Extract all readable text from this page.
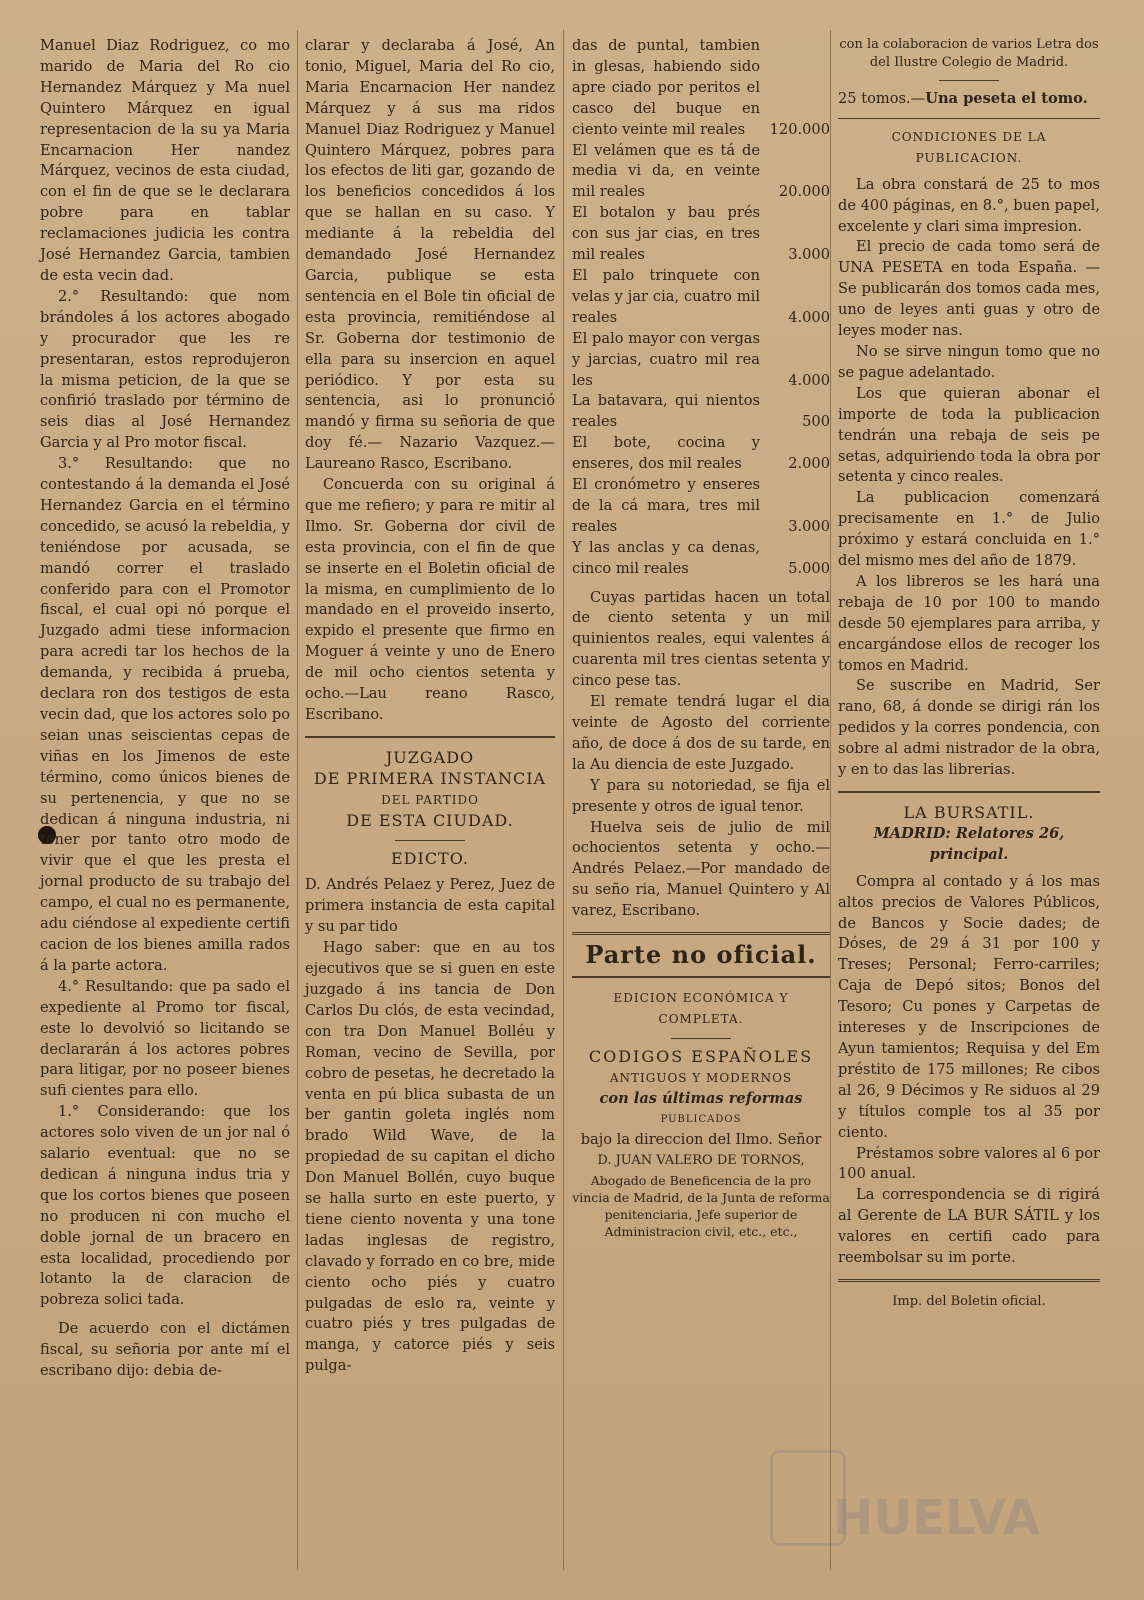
Manuel Diaz Rodriguez, co mo marido de Maria del Ro cio Hernandez Márquez y Ma nuel Quintero Márquez en igual representacion de la su ya Maria Encarnacion Her nandez Márquez, vecinos de esta ciudad, con el fin de que se le declarara pobre para en tablar reclamaciones judicia les contra José Hernandez Garcia, tambien de esta vecin dad.

2.° Resultando: que nom brándoles á los actores abogado y procurador que les re presentaran, estos reprodujeron la misma peticion, de la que se confirió traslado por término de seis dias al José Hernandez Garcia y al Pro motor fiscal.

3.° Resultando: que no contestando á la demanda el José Hernandez Garcia en el término concedido, se acusó la rebeldia, y teniéndose por acusada, se mandó correr el traslado conferido para con el Promotor fiscal, el cual opi nó porque el Juzgado admi tiese informacion para acredi tar los hechos de la demanda, y recibida á prueba, declara ron dos testigos de esta vecin dad, que los actores solo po seian unas seiscientas cepas de viñas en los Jimenos de este término, como únicos bienes de su pertenencia, y que no se dedican á ninguna industria, ni tener por tanto otro modo de vivir que el que les presta el jornal producto de su trabajo del campo, el cual no es permanente, adu ciéndose al expediente certifi cacion de los bienes amilla rados á la parte actora.

4.° Resultando: que pa sado el expediente al Promo tor fiscal, este lo devolvió so licitando se declararán á los actores pobres para litigar, por no poseer bienes sufi cientes para ello.

1.° Considerando: que los actores solo viven de un jor nal ó salario eventual: que no se dedican á ninguna indus tria y que los cortos bienes que poseen no producen ni con mucho el doble jornal de un bracero en esta localidad, procediendo por lotanto la de claracion de pobreza solici tada.

De acuerdo con el dictámen fiscal, su señoria por ante mí el escribano dijo: debia de-

clarar y declaraba á José, An tonio, Miguel, Maria del Ro cio, Maria Encarnacion Her nandez Márquez y á sus ma ridos Manuel Diaz Rodriguez y Manuel Quintero Márquez, pobres para los efectos de liti gar, gozando de los beneficios concedidos á los que se hallan en su caso. Y mediante á la rebeldia del demandado José Hernandez Garcia, publique se esta sentencia en el Bole tin oficial de esta provincia, remitiéndose al Sr. Goberna dor testimonio de ella para su insercion en aquel periódico. Y por esta su sentencia, asi lo pronunció mandó y firma su señoria de que doy fé.— Nazario Vazquez.—Laureano Rasco, Escribano.

Concuerda con su original á que me refiero; y para re mitir al Ilmo. Sr. Goberna dor civil de esta provincia, con el fin de que se inserte en el Boletin oficial de la misma, en cumplimiento de lo mandado en el proveido inserto, expido el presente que firmo en Moguer á veinte y uno de Enero de mil ocho cientos setenta y ocho.—Lau reano Rasco, Escribano.

JUZGADO
DE PRIMERA INSTANCIA
DEL PARTIDO
DE ESTA CIUDAD.
EDICTO.

D. Andrés Pelaez y Perez, Juez de primera instancia de esta capital y su par tido

Hago saber: que en au tos ejecutivos que se si guen en este juzgado á ins tancia de Don Carlos Du clós, de esta vecindad, con tra Don Manuel Bolléu y Roman, vecino de Sevilla, por cobro de pesetas, he decretado la venta en pú blica subasta de un ber gantin goleta inglés nom brado Wild Wave, de la propiedad de su capitan el dicho Don Manuel Bollén, cuyo buque se halla surto en este puerto, y tiene ciento noventa y una tone ladas inglesas de registro, clavado y forrado en co bre, mide ciento ocho piés y cuatro pulgadas de eslo ra, veinte y cuatro piés y tres pulgadas de manga, y catorce piés y seis pulga-

das de puntal, tambien in glesas, habiendo sido apre ciado por peritos el casco del buque en ciento veinte mil reales	120.000
El velámen que es tá de media vi da, en veinte mil reales	20.000
El botalon y bau prés con sus jar cias, en tres mil reales	3.000
El palo trinquete con velas y jar cia, cuatro mil reales	4.000
El palo mayor con vergas y jarcias, cuatro mil rea les	4.000
La batavara, qui nientos reales	500
El bote, cocina y enseres, dos mil reales	2.000
El cronómetro y enseres de la cá mara, tres mil reales	3.000
Y las anclas y ca denas, cinco mil reales	5.000

Cuyas partidas hacen un total de ciento setenta y un mil quinientos reales, equi valentes á cuarenta mil tres cientas setenta y cinco pese tas.

El remate tendrá lugar el dia veinte de Agosto del corriente año, de doce á dos de su tarde, en la Au diencia de este Juzgado.

Y para su notoriedad, se fija el presente y otros de igual tenor.

Huelva seis de julio de mil ochocientos setenta y ocho.—Andrés Pelaez.—Por mandado de su seño ria, Manuel Quintero y Al varez, Escribano.

Parte no oficial.
EDICION ECONÓMICA Y COMPLETA.
CODIGOS ESPAÑOLES
ANTIGUOS Y MODERNOS
con las últimas reformas
PUBLICADOS
bajo la direccion del Ilmo. Señor
D. JUAN VALERO DE TORNOS,
Abogado de Beneficencia de la pro vincia de Madrid, de la Junta de reforma penitenciaria, Jefe superior de Administracion civil, etc., etc.,
con la colaboracion de varios Letra dos del Ilustre Colegio de Madrid.
25 tomos.—Una peseta el tomo.
CONDICIONES DE LA PUBLICACION.

La obra constará de 25 to mos de 400 páginas, en 8.°, buen papel, excelente y clari sima impresion.

El precio de cada tomo será de UNA PESETA en toda España. —Se publicarán dos tomos cada mes, uno de leyes anti guas y otro de leyes moder nas.

No se sirve ningun tomo que no se pague adelantado.

Los que quieran abonar el importe de toda la publicacion tendrán una rebaja de seis pe setas, adquiriendo toda la obra por setenta y cinco reales.

La publicacion comenzará precisamente en 1.° de Julio próximo y estará concluida en 1.° del mismo mes del año de 1879.

A los libreros se les hará una rebaja de 10 por 100 to mando desde 50 ejemplares para arriba, y encargándose ellos de recoger los tomos en Madrid.

Se suscribe en Madrid, Ser rano, 68, á donde se dirigi rán los pedidos y la corres pondencia, con sobre al admi nistrador de la obra, y en to das las librerias.

LA BURSATIL.
MADRID: Relatores 26, principal.

Compra al contado y á los mas altos precios de Valores Públicos, de Bancos y Socie dades; de Dóses, de 29 á 31 por 100 y Treses; Personal; Ferro-carriles; Caja de Depó sitos; Bonos del Tesoro; Cu pones y Carpetas de intereses y de Inscripciones de Ayun tamientos; Requisa y del Em préstito de 175 millones; Re cibos al 26, 9 Décimos y Re siduos al 29 y títulos comple tos al 35 por ciento.

Préstamos sobre valores al 6 por 100 anual.

La correspondencia se di rigirá al Gerente de LA BUR SÁTIL y los valores en certifi cado para reembolsar su im porte.

Imp. del Boletin oficial.
HUELVA
